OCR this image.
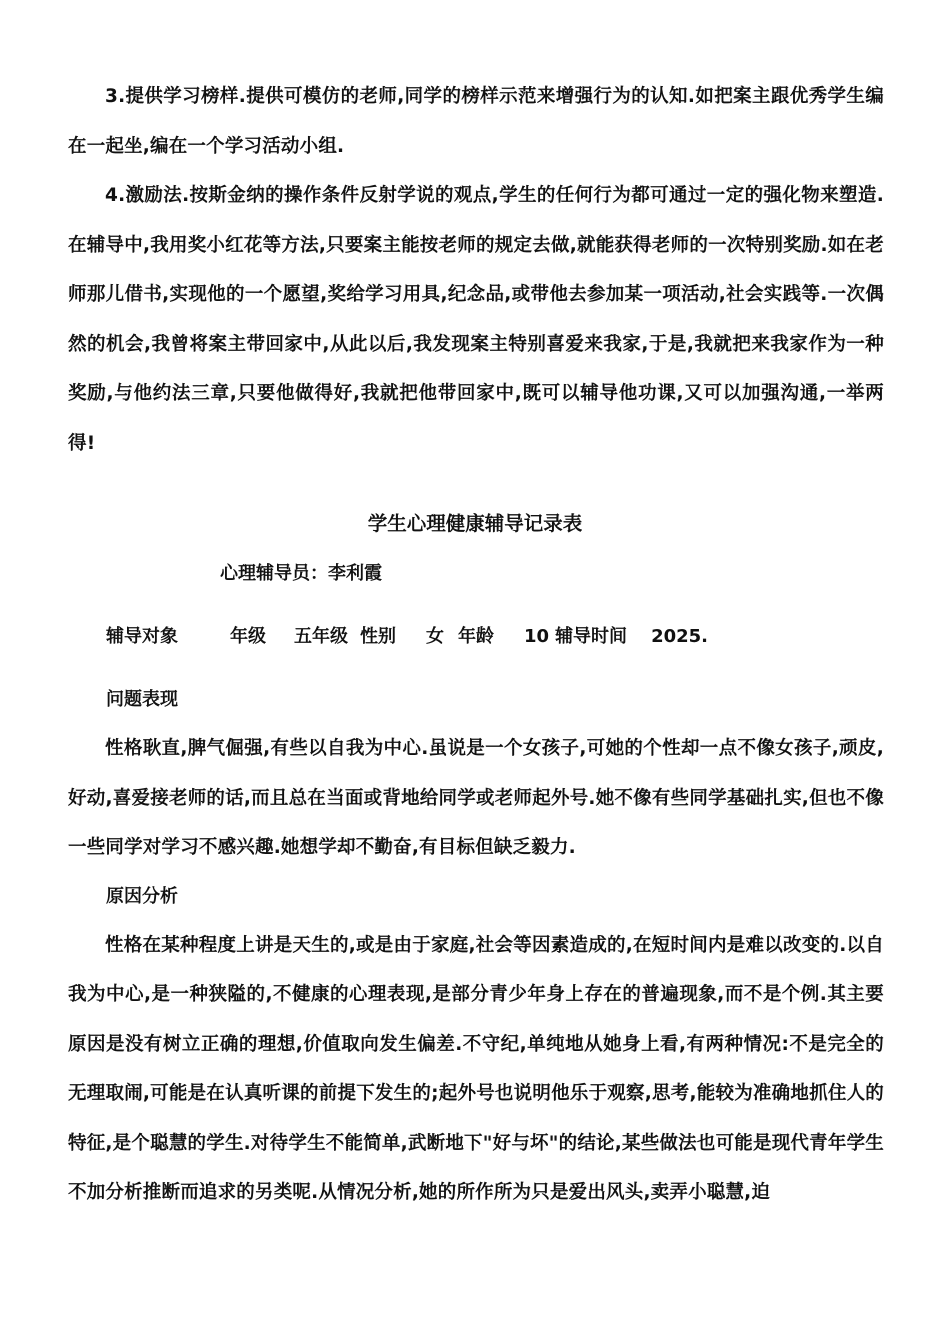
3.提供学习榜样.提供可模仿的老师,同学的榜样示范来增强行为的认知.如把案主跟优秀学生编在一起坐,编在一个学习活动小组.

4.激励法.按斯金纳的操作条件反射学说的观点,学生的任何行为都可通过一定的强化物来塑造.在辅导中,我用奖小红花等方法,只要案主能按老师的规定去做,就能获得老师的一次特别奖励.如在老师那儿借书,实现他的一个愿望,奖给学习用具,纪念品,或带他去参加某一项活动,社会实践等.一次偶然的机会,我曾将案主带回家中,从此以后,我发现案主特别喜爱来我家,于是,我就把来我家作为一种奖励,与他约法三章,只要他做得好,我就把他带回家中,既可以辅导他功课,又可以加强沟通,一举两得!

学生心理健康辅导记录表
心理辅导员：李利霞
辅导对象	年级 五年级 性别 女 年龄 10 辅导时间 2025.

问题表现

性格耿直,脾气倔强,有些以自我为中心.虽说是一个女孩子,可她的个性却一点不像女孩子,顽皮,好动,喜爱接老师的话,而且总在当面或背地给同学或老师起外号.她不像有些同学基础扎实,但也不像一些同学对学习不感兴趣.她想学却不勤奋,有目标但缺乏毅力.

原因分析

性格在某种程度上讲是天生的,或是由于家庭,社会等因素造成的,在短时间内是难以改变的.以自我为中心,是一种狭隘的,不健康的心理表现,是部分青少年身上存在的普遍现象,而不是个例.其主要原因是没有树立正确的理想,价值取向发生偏差.不守纪,单纯地从她身上看,有两种情况:不是完全的无理取闹,可能是在认真听课的前提下发生的;起外号也说明他乐于观察,思考,能较为准确地抓住人的特征,是个聪慧的学生.对待学生不能简单,武断地下"好与坏"的结论,某些做法也可能是现代青年学生不加分析推断而追求的另类呢.从情况分析,她的所作所为只是爱出风头,卖弄小聪慧,迫
